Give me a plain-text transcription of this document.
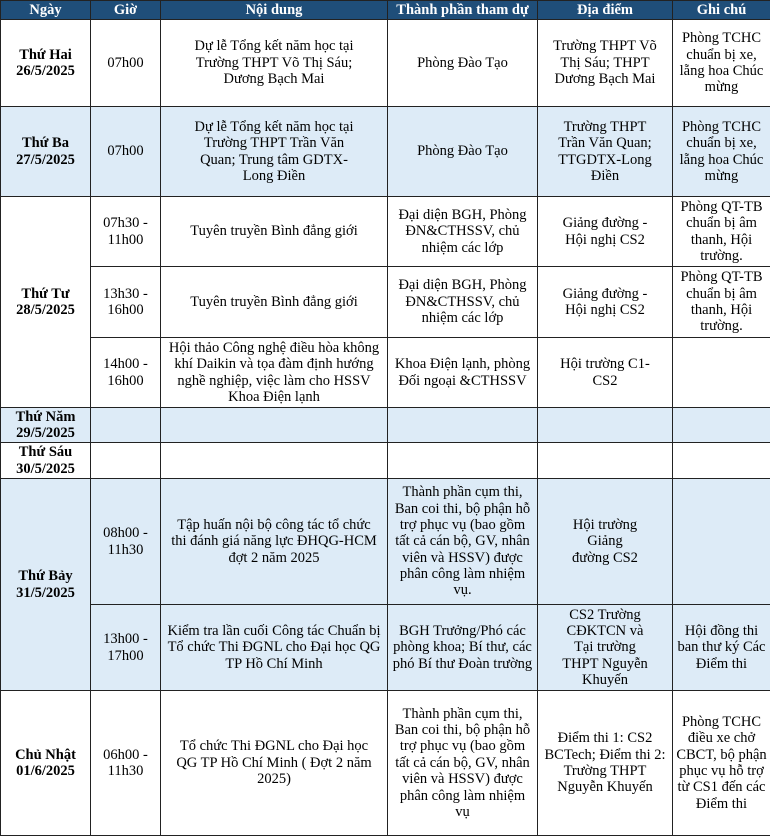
Ngày	Giờ	Nội dung	Thành phần tham dự	Địa điểm	Ghi chú

Thứ Hai
26/5/2025	07h00	Dự lễ Tổng kết năm học tại Trường THPT Võ Thị Sáu; Dương Bạch Mai	Phòng Đào Tạo	Trường THPT Võ Thị Sáu; THPT Dương Bạch Mai	Phòng TCHC chuẩn bị xe, lẵng hoa Chúc mừng

Thứ Ba
27/5/2025	07h00	Dự lễ Tổng kết năm học tại Trường THPT Trần Văn Quan; Trung tâm GDTX-Long Điền	Phòng Đào Tạo	Trường THPT Trần Văn Quan; TTGDTX-Long Điền	Phòng TCHC chuẩn bị xe, lẵng hoa Chúc mừng

Thứ Tư
28/5/2025	07h30 - 11h00	Tuyên truyền Bình đẳng giới	Đại diện BGH, Phòng ĐN&CTHSSV, chủ nhiệm các lớp	Giảng đường - Hội nghị CS2	Phòng QT-TB chuẩn bị âm thanh, Hội trường.
	13h30 - 16h00	Tuyên truyền Bình đẳng giới	Đại diện BGH, Phòng ĐN&CTHSSV, chủ nhiệm các lớp	Giảng đường - Hội nghị CS2	Phòng QT-TB chuẩn bị âm thanh, Hội trường.
	14h00 - 16h00	Hội thảo Công nghệ điều hòa không khí Daikin và tọa đàm định hướng nghề nghiệp, việc làm cho HSSV Khoa Điện lạnh	Khoa Điện lạnh, phòng Đối ngoại &CTHSSV	Hội trường C1- CS2	

Thứ Năm
29/5/2025					

Thứ Sáu
30/5/2025					

Thứ Bảy
31/5/2025	08h00 - 11h30	Tập huấn nội bộ công tác tổ chức thi đánh giá năng lực ĐHQG-HCM đợt 2 năm 2025	Thành phần cụm thi, Ban coi thi, bộ phận hỗ trợ phục vụ (bao gồm tất cả cán bộ, GV, nhân viên và HSSV) được phân công làm nhiệm vụ.	Hội trường Giảng đường CS2	
	13h00 - 17h00	Kiểm tra lần cuối Công tác Chuẩn bị Tổ chức Thi ĐGNL cho Đại học QG TP Hồ Chí Minh	BGH Trưởng/Phó các phòng khoa; Bí thư, các phó Bí thư Đoàn trường	CS2 Trường CĐKTCN và Tại trường THPT Nguyễn Khuyến	Hội đồng thi ban thư ký Các Điểm thi

Chủ Nhật
01/6/2025	06h00 - 11h30	Tổ chức Thi ĐGNL cho Đại học QG TP Hồ Chí Minh ( Đợt 2 năm 2025)	Thành phần cụm thi, Ban coi thi, bộ phận hỗ trợ phục vụ (bao gồm tất cả cán bộ, GV, nhân viên và HSSV) được phân công làm nhiệm vụ	Điểm thi 1: CS2 BCTech; Điểm thi 2: Trường THPT Nguyễn Khuyến	Phòng TCHC điều xe chở CBCT, bộ phận phục vụ hỗ trợ từ CS1 đến các Điểm thi
